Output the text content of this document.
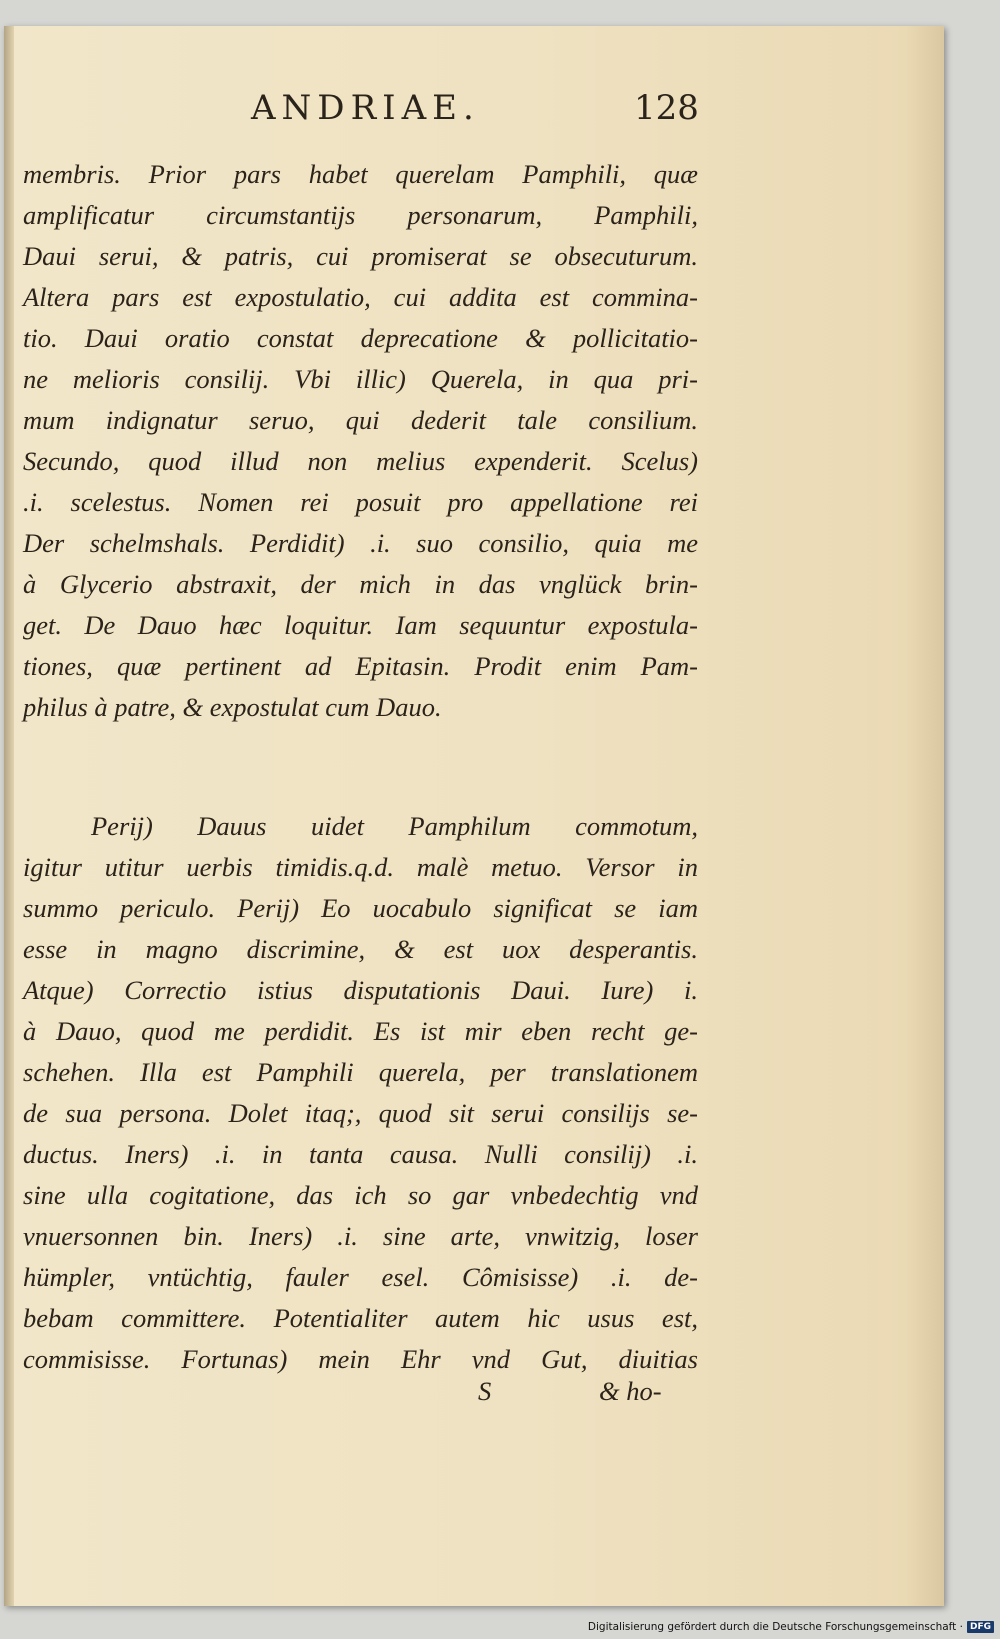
ANDRIAE.	128
membris. Prior pars habet querelam Pamphili, quæ
amplificatur circumstantijs personarum, Pamphili,
Daui serui, & patris, cui promiserat se obsecuturum.
Altera pars est expostulatio, cui addita est commina-
tio. Daui oratio constat deprecatione & pollicitatio-
ne melioris consilij. Vbi illic) Querela, in qua pri-
mum indignatur seruo, qui dederit tale consilium.
Secundo, quod illud non melius expenderit. Scelus)
.i. scelestus. Nomen rei posuit pro appellatione rei
Der schelmshals. Perdidit) .i. suo consilio, quia me
à Glycerio abstraxit, der mich in das vnglück brin-
get. De Dauo hæc loquitur. Iam sequuntur expostula-
tiones, quæ pertinent ad Epitasin. Prodit enim Pam-
philus à patre, & expostulat cum Dauo.
Perij) Dauus uidet Pamphilum commotum,
igitur utitur uerbis timidis.q.d. malè metuo. Versor in
summo periculo. Perij) Eo uocabulo significat se iam
esse in magno discrimine, & est uox desperantis.
Atque) Correctio istius disputationis Daui. Iure) i.
à Dauo, quod me perdidit. Es ist mir eben recht ge-
schehen. Illa est Pamphili querela, per translationem
de sua persona. Dolet itaq;, quod sit serui consilijs se-
ductus. Iners) .i. in tanta causa. Nulli consilij) .i.
sine ulla cogitatione, das ich so gar vnbedechtig vnd
vnuersonnen bin. Iners) .i. sine arte, vnwitzig, loser
hümpler, vntüchtig, fauler esel. Cômisisse) .i. de-
bebam committere. Potentialiter autem hic usus est,
commisisse. Fortunas) mein Ehr vnd Gut, diuitias
S	& ho-
Digitalisierung gefördert durch die Deutsche Forschungsgemeinschaft · DFG
